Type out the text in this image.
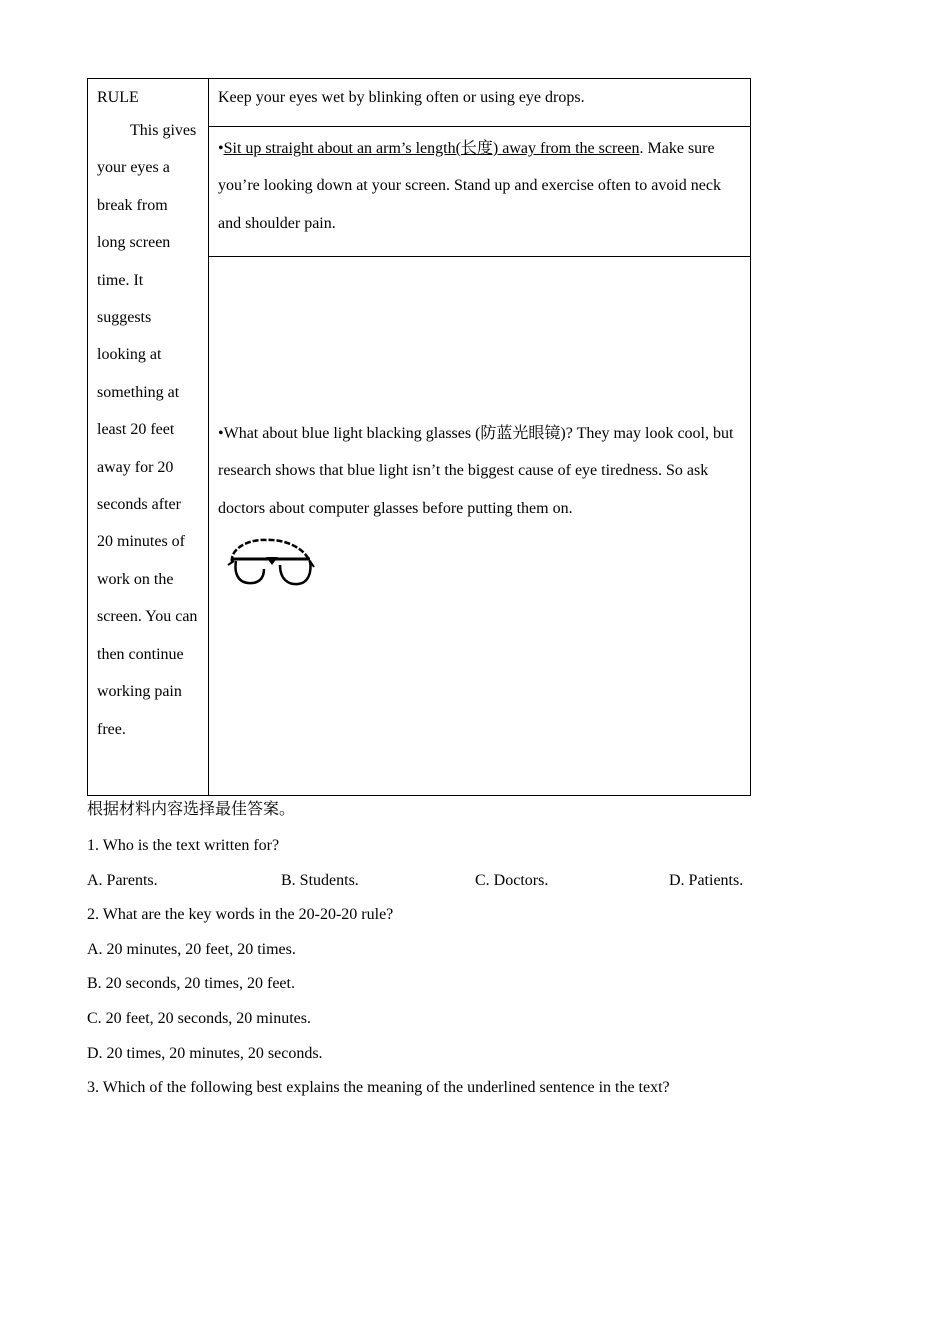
RULE
This gives your eyes a break from long screen time. It suggests looking at something at least 20 feet away for 20 seconds after 20 minutes of work on the screen. You can then continue working pain free.
Keep your eyes wet by blinking often or using eye drops.
•Sit up straight about an arm’s length(长度) away from the screen. Make sure you’re looking down at your screen. Stand up and exercise often to avoid neck and shoulder pain.
•What about blue light blacking glasses (防蓝光眼镜)? They may look cool, but research shows that blue light isn’t the biggest cause of eye tiredness. So ask doctors about computer glasses before putting them on.
根据材料内容选择最佳答案。
1. Who is the text written for?
A. Parents.	B. Students.	C. Doctors.	D. Patients.
2. What are the key words in the 20-20-20 rule?
A. 20 minutes, 20 feet, 20 times.
B. 20 seconds, 20 times, 20 feet.
C. 20 feet, 20 seconds, 20 minutes.
D. 20 times, 20 minutes, 20 seconds.
3. Which of the following best explains the meaning of the underlined sentence in the text?
